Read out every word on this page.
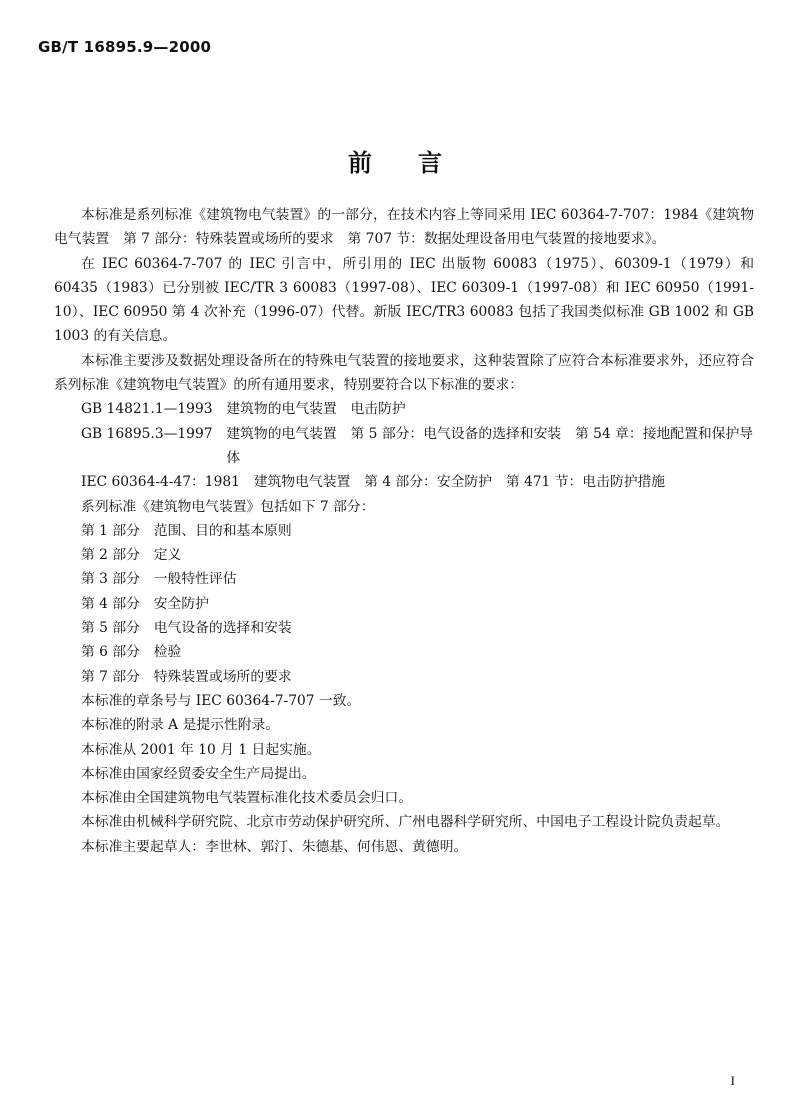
GB/T 16895.9—2000
前言

本标准是系列标准《建筑物电气装置》的一部分，在技术内容上等同采用 IEC 60364-7-707：1984《建筑物电气装置　第 7 部分：特殊装置或场所的要求　第 707 节：数据处理设备用电气装置的接地要求》。

在 IEC 60364-7-707 的 IEC 引言中，所引用的 IEC 出版物 60083（1975）、60309-1（1979）和 60435（1983）已分别被 IEC/TR 3 60083（1997-08）、IEC 60309-1（1997-08）和 IEC 60950（1991-10）、IEC 60950 第 4 次补充（1996-07）代替。新版 IEC/TR3 60083 包括了我国类似标准 GB 1002 和 GB 1003 的有关信息。

本标准主要涉及数据处理设备所在的特殊电气装置的接地要求，这种装置除了应符合本标准要求外，还应符合系列标准《建筑物电气装置》的所有通用要求，特别要符合以下标准的要求：

GB 14821.1—1993　 建筑物的电气装置　电击防护
GB 16895.3—1997　 建筑物的电气装置　第 5 部分：电气设备的选择和安装　第 54 章：接地配置和保护导体
IEC 60364-4-47：1981　 建筑物电气装置　第 4 部分：安全防护　第 471 节：电击防护措施

系列标准《建筑物电气装置》包括如下 7 部分：

第 1 部分　范围、目的和基本原则
第 2 部分　定义
第 3 部分　一般特性评估
第 4 部分　安全防护
第 5 部分　电气设备的选择和安装
第 6 部分　检验
第 7 部分　特殊装置或场所的要求

本标准的章条号与 IEC 60364-7-707 一致。

本标准的附录 A 是提示性附录。

本标准从 2001 年 10 月 1 日起实施。

本标准由国家经贸委安全生产局提出。

本标准由全国建筑物电气装置标准化技术委员会归口。

本标准由机械科学研究院、北京市劳动保护研究所、广州电器科学研究所、中国电子工程设计院负责起草。

本标准主要起草人：李世林、郭汀、朱德基、何伟恩、黄德明。

I
